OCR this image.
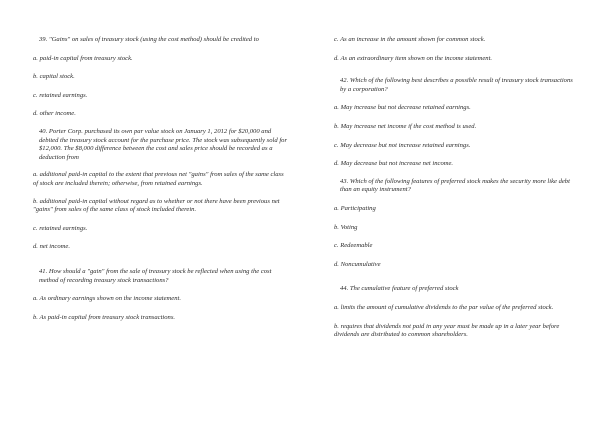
39. "Gains" on sales of treasury stock (using the cost method) should be credited to

a. paid-in capital from treasury stock.

b. capital stock.

c. retained earnings.

d. other income.

40. Porter Corp. purchased its own par value stock on January 1, 2012 for $20,000 and debited the treasury stock account for the purchase price. The stock was subsequently sold for $12,000. The $8,000 difference between the cost and sales price should be recorded as a deduction from

a. additional paid-in capital to the extent that previous net "gains" from sales of the same class of stock are included therein; otherwise, from retained earnings.

b. additional paid-in capital without regard as to whether or not there have been previous net "gains" from sales of the same class of stock included therein.

c. retained earnings.

d. net income.

41. How should a "gain" from the sale of treasury stock be reflected when using the cost method of recording treasury stock transactions?

a. As ordinary earnings shown on the income statement.

b. As paid-in capital from treasury stock transactions.

c. As an increase in the amount shown for common stock.

d. As an extraordinary item shown on the income statement.

42. Which of the following best describes a possible result of treasury stock transactions by a corporation?

a. May increase but not decrease retained earnings.

b. May increase net income if the cost method is used.

c. May decrease but not increase retained earnings.

d. May decrease but not increase net income.

43. Which of the following features of preferred stock makes the security more like debt than an equity instrument?

a. Participating

b. Voting

c. Redeemable

d. Noncumulative

44. The cumulative feature of preferred stock

a. limits the amount of cumulative dividends to the par value of the preferred stock.

b. requires that dividends not paid in any year must be made up in a later year before dividends are distributed to common shareholders.
